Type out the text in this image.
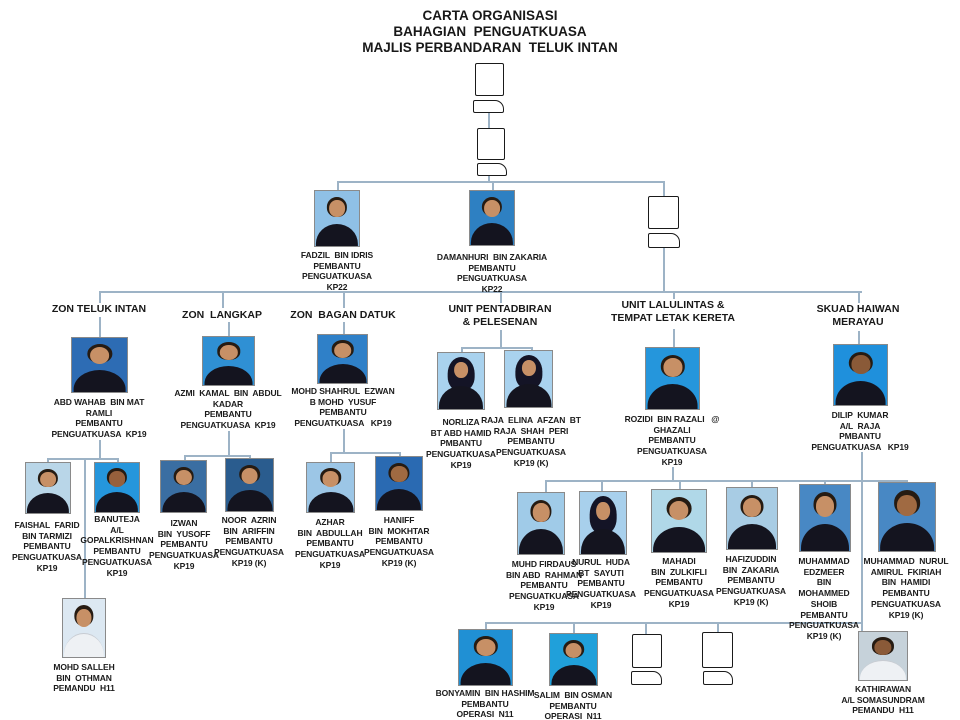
CARTA ORGANISASI
BAHAGIAN  PENGUATKUASA
MAJLIS PERBANDARAN  TELUK INTAN
ZON TELUK INTAN	ZON  LANGKAP	ZON  BAGAN DATUK	UNIT PENTADBIRAN
& PELESENAN
UNIT LALULINTAS &
TEMPAT LETAK KERETA
SKUAD HAIWAN
MERAYAU
FADZIL  BIN IDRIS
PEMBANTU
PENGUATKUASA
KP22
DAMANHURI  BIN ZAKARIA
PEMBANTU
PENGUATKUASA
KP22
ABD WAHAB  BIN MAT
RAMLI
PEMBANTU
PENGUATKUASA  KP19
AZMI  KAMAL  BIN  ABDUL
KADAR
PEMBANTU
PENGUATKUASA  KP19
MOHD SHAHRUL  EZWAN
B MOHD  YUSUF
PEMBANTU
PENGUATKUASA   KP19	NORLIZA
BT ABD HAMID
PMBANTU
PENGUATKUASA
KP19
RAJA  ELINA  AFZAN  BT
RAJA  SHAH  PERI
PEMBANTU
PENGUATKUASA
KP19 (K)
ROZIDI  BIN RAZALI   @
GHAZALI
PEMBANTU
PENGUATKUASA
KP19
DILIP  KUMAR
A/L  RAJA
PMBANTU
PENGUATKUASA   KP19
FAISHAL  FARID
BIN TARMIZI
PEMBANTU
PENGUATKUASA
KP19
BANUTEJA
A/L
GOPALKRISHNAN
PEMBANTU
PENGUATKUASA
KP19
IZWAN
BIN  YUSOFF
PEMBANTU
PENGUATKUASA
KP19
NOOR  AZRIN
BIN  ARIFFIN
PEMBANTU
PENGUATKUASA
KP19 (K)
AZHAR
BIN  ABDULLAH
PEMBANTU
PENGUATKUASA
KP19
HANIFF
BIN  MOKHTAR
PEMBANTU
PENGUATKUASA
KP19 (K)	MUHD FIRDAUS
BIN ABD  RAHMAN
PEMBANTU
PENGUATKUASA
KP19
NURUL  HUDA
BT  SAYUTI
PEMBANTU
PENGUATKUASA
KP19
MAHADI
BIN  ZULKIFLI
PEMBANTU
PENGUATKUASA
KP19
HAFIZUDDIN
BIN  ZAKARIA
PEMBANTU
PENGUATKUASA
KP19 (K)
MUHAMMAD
EDZMEER
BIN
MOHAMMED
SHOIB
PEMBANTU
PENGUATKUASA
KP19 (K)
MUHAMMAD  NURUL
AMIRUL  FKIRIAH
BIN  HAMIDI
PEMBANTU
PENGUATKUASA
KP19 (K)
MOHD SALLEH
BIN  OTHMAN
PEMANDU  H11	BONYAMIN  BIN HASHIM
PEMBANTU
OPERASI  N11
SALIM  BIN OSMAN
PEMBANTU
OPERASI  N11
KATHIRAWAN
A/L SOMASUNDRAM
PEMANDU  H11
